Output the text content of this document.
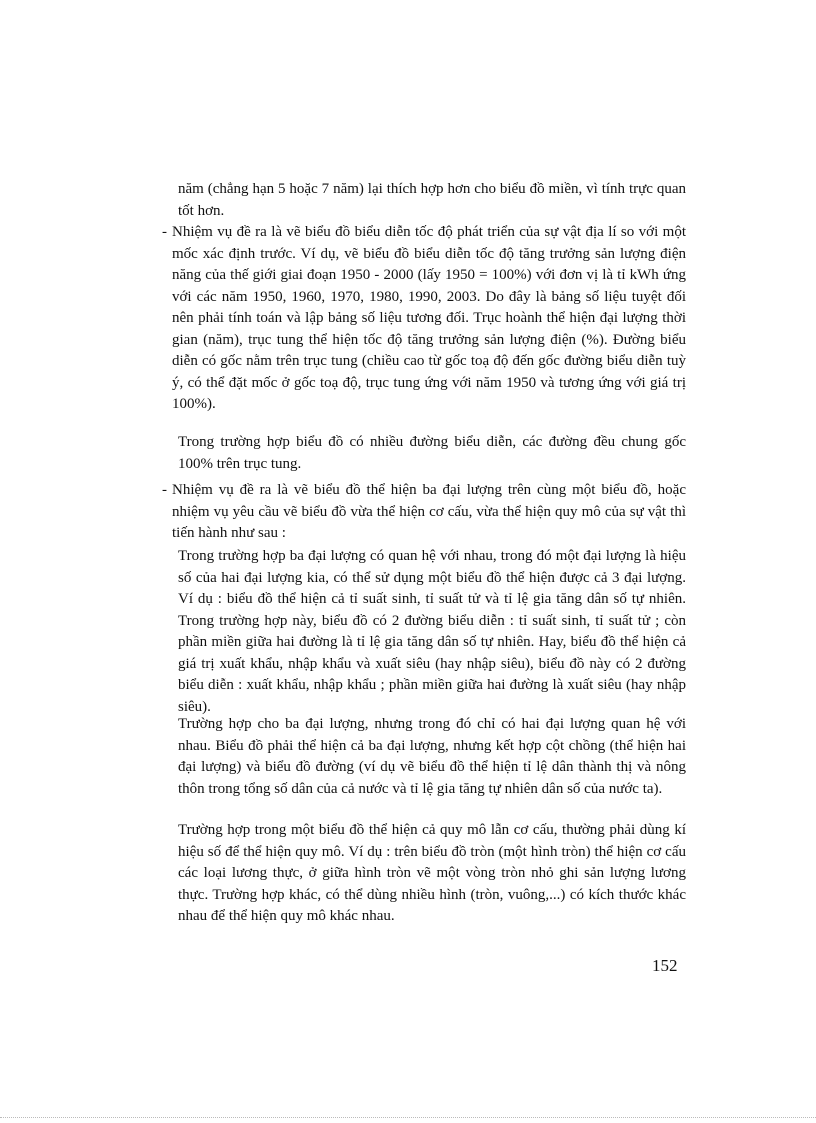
năm (chẳng hạn 5 hoặc 7 năm) lại thích hợp hơn cho biểu đồ miền, vì tính trực quan tốt hơn.

- Nhiệm vụ đề ra là vẽ biểu đồ biểu diễn tốc độ phát triển của sự vật địa lí so với một mốc xác định trước. Ví dụ, vẽ biểu đồ biểu diễn tốc độ tăng trưởng sản lượng điện năng của thế giới giai đoạn 1950 - 2000 (lấy 1950 = 100%) với đơn vị là tỉ kWh ứng với các năm 1950, 1960, 1970, 1980, 1990, 2003. Do đây là bảng số liệu tuyệt đối nên phải tính toán và lập bảng số liệu tương đối. Trục hoành thể hiện đại lượng thời gian (năm), trục tung thể hiện tốc độ tăng trưởng sản lượng điện (%). Đường biểu diễn có gốc nằm trên trục tung (chiều cao từ gốc toạ độ đến gốc đường biểu diễn tuỳ ý, có thể đặt mốc ở gốc toạ độ, trục tung ứng với năm 1950 và tương ứng với giá trị 100%).

Trong trường hợp biểu đồ có nhiều đường biểu diễn, các đường đều chung gốc 100% trên trục tung.

- Nhiệm vụ đề ra là vẽ biểu đồ thể hiện ba đại lượng trên cùng một biểu đồ, hoặc nhiệm vụ yêu cầu vẽ biểu đồ vừa thể hiện cơ cấu, vừa thể hiện quy mô của sự vật thì tiến hành như sau :

Trong trường hợp ba đại lượng có quan hệ với nhau, trong đó một đại lượng là hiệu số của hai đại lượng kia, có thể sử dụng một biểu đồ thể hiện được cả 3 đại lượng. Ví dụ : biểu đồ thể hiện cả tỉ suất sinh, tỉ suất tử và tỉ lệ gia tăng dân số tự nhiên. Trong trường hợp này, biểu đồ có 2 đường biểu diễn : tỉ suất sinh, tỉ suất tử ; còn phần miền giữa hai đường là tỉ lệ gia tăng dân số tự nhiên. Hay, biểu đồ thể hiện cả giá trị xuất khẩu, nhập khẩu và xuất siêu (hay nhập siêu), biểu đồ này có 2 đường biểu diễn : xuất khẩu, nhập khẩu ; phần miền giữa hai đường là xuất siêu (hay nhập siêu).

Trường hợp cho ba đại lượng, nhưng trong đó chỉ có hai đại lượng quan hệ với nhau. Biểu đồ phải thể hiện cả ba đại lượng, nhưng kết hợp cột chồng (thể hiện hai đại lượng) và biểu đồ đường (ví dụ vẽ biểu đồ thể hiện tỉ lệ dân thành thị và nông thôn trong tổng số dân của cả nước và tỉ lệ gia tăng tự nhiên dân số của nước ta).

Trường hợp trong một biểu đồ thể hiện cả quy mô lẫn cơ cấu, thường phải dùng kí hiệu số để thể hiện quy mô. Ví dụ : trên biểu đồ tròn (một hình tròn) thể hiện cơ cấu các loại lương thực, ở giữa hình tròn vẽ một vòng tròn nhỏ ghi sản lượng lương thực. Trường hợp khác, có thể dùng nhiều hình (tròn, vuông,...) có kích thước khác nhau để thể hiện quy mô khác nhau.

152
